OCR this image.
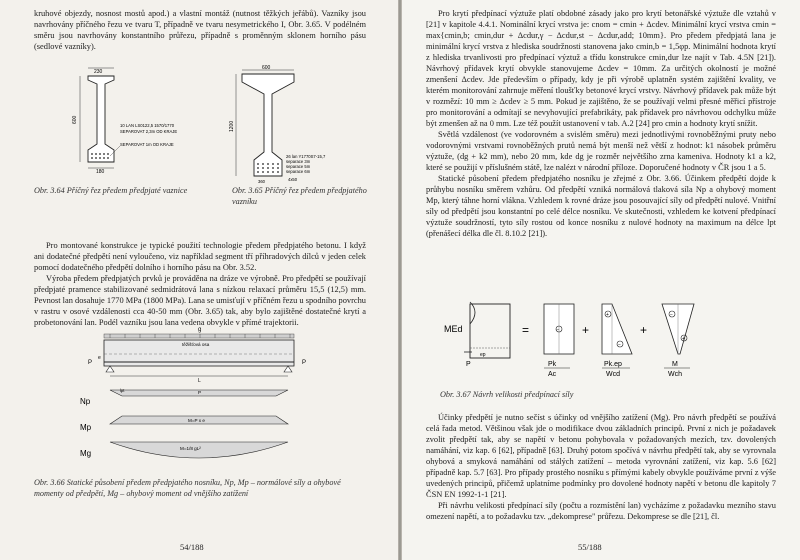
kruhové objezdy, nosnost mostů apod.) a vlastní montáž (nutnost těžkých jeřábů). Vazníky jsou navrhovány příčného řezu ve tvaru T, případně ve tvaru nesymetrického I, Obr. 3.65. V podélném směru jsou navrhovány konstantního průřezu, případně s proměnným sklonem horního pásu (sedlové vazníky).

230
600
180
10 LAN LS0122,5 1570/1770
SEPAROVAT 2,3m OD KRAJE
SEPAROVAT 1m OD KRAJE
600
1200
26 lan Y1770S7-15,7
separace 3m
separace 5m
separace 6m
4x50
360
Obr. 3.64 Příčný řez předem předpjaté vaznice	Obr. 3.65 Příčný řez předem předpjatého vazníku

Pro montované konstrukce je typické použití technologie předem předpjatého betonu. I když ani dodatečné předpětí není vyloučeno, viz například segment tří příhradových dílců v jeden celek pomocí dodatečného předpětí dolního i horního pásu na Obr. 3.52.

Výroba předem předpjatých prvků je prováděna na dráze ve výrobně. Pro předpětí se používají předpjaté pramence stabilizované sedmidrátová lana s nízkou relaxací průměru 15,5 (12,5) mm. Pevnost lan dosahuje 1770 MPa (1800 MPa). Lana se umisťují v příčném řezu u spodního povrchu v rastru v osové vzdálenosti cca 40-50 mm (Obr. 3.65) tak, aby bylo zajištěné dostatečné krytí a probetonování lan. Podél vazníku jsou lana vedena obvykle v přímé trajektorii.

g
těžišťová osa
P	P
e
L
Np
P
lpt
Mp
M=P x e
Mg
M=1/8 gL²
Obr. 3.66 Statické působení předem předpjatého nosníku, Np, Mp – normálové síly a ohybové momenty od předpětí, Mg – ohybový moment od vnějšího zatížení
54/188

Pro krytí předpínací výztuže platí obdobné zásady jako pro krytí betonářské výztuže dle vztahů v [21] v kapitole 4.4.1. Nominální krycí vrstva je: cnom = cmin + Δcdev. Minimální krycí vrstva cmin = max{cmin,b; cmin,dur + Δcdur,γ − Δcdur,st − Δcdur,add; 10mm}. Pro předem předpjatá lana je minimální krycí vrstva z hlediska soudržnosti stanovena jako cmin,b = 1,5φp. Minimální hodnota krytí z hlediska trvanlivosti pro předpínací výztuž a třídu konstrukce cmin,dur lze najít v Tab. 4.5N [21]). Návrhový přídavek krytí obvykle stanovujeme Δcdev = 10mm. Za určitých okolností je možné zmenšení Δcdev. Jde především o případy, kdy je při výrobě uplatněn systém zajištění kvality, ve kterém monitorování zahrnuje měření tloušťky betonové krycí vrstvy. Návrhový přídavek pak může být v rozmězí: 10 mm ≥ Δcdev ≥ 5 mm. Pokud je zajištěno, že se používají velmi přesné měřicí přístroje pro monitorování a odmítají se nevyhovující prefabrikáty, pak přídavek pro návrhovou odchylku může být zmenšen až na 0 mm. Lze též použít ustanovení v tab. A.2 [24] pro cmin a hodnoty krytí snížit.

Světlá vzdálenost (ve vodorovném a svislém směru) mezi jednotlivými rovnoběžnými pruty nebo vodorovnými vrstvami rovnoběžných prutů nemá být menší než větší z hodnot: k1 násobek průměru výztuže, (dg + k2 mm), nebo 20 mm, kde dg je rozměr největšího zrna kameniva. Hodnoty k1 a k2, které se použijí v příslušném státě, lze nalézt v národní příloze. Doporučené hodnoty v ČR jsou 1 a 5.

Statické působení předem předpjatého nosníku je zřejmé z Obr. 3.66. Účinkem předpětí dojde k průhybu nosníku směrem vzhůru. Od předpětí vzniká normálová tlaková síla Np a ohybový moment Mp, který táhne horní vlákna. Vzhledem k rovné dráze jsou posouvající síly od předpětí nulové. Vnitřní síly od předpětí jsou konstantní po celé délce nosníku. Ve skutečnosti, vzhledem ke kotvení předpínací výztuže soudržností, tyto síly rostou od konce nosníku z nulové hodnoty na maximum na délce lpt (přenášecí délka dle čl. 8.10.2 [21]).

MEd
P
ep
=	− +
+
−
+
−
+
Pk
Ac
Pk.ep
Wcd
M
Wch
Obr. 3.67 Návrh velikosti předpínací síly

Účinky předpětí je nutno sečíst s účinky od vnějšího zatížení (Mg). Pro návrh předpětí se používá celá řada metod. Většinou však jde o modifikace dvou základních principů. První z nich je požadavek zvolit předpětí tak, aby se napětí v betonu pohybovala v požadovaných mezích, tzv. dovolených namáhání, viz kap. 6 [62], případně [63]. Druhý potom spočívá v návrhu předpětí tak, aby se vyrovnala ohybová a smyková namáhání od stálých zatížení – metoda vyrovnání zatížení, viz kap. 5.6 [62] případně kap. 5.7 [63]. Pro případy prostého nosníku s přímými kabely obvykle používáme první z výše uvedených principů, přičemž uplatníme podmínky pro dovolené hodnoty napětí v betonu dle kapitoly 7 ČSN EN 1992-1-1 [21].

Při návrhu velikosti předpínací síly (počtu a rozmístění lan) vycházíme z požadavku mezního stavu omezení napětí, a to požadavku tzv. „dekomprese" průřezu. Dekomprese se dle [21], čl.

55/188
